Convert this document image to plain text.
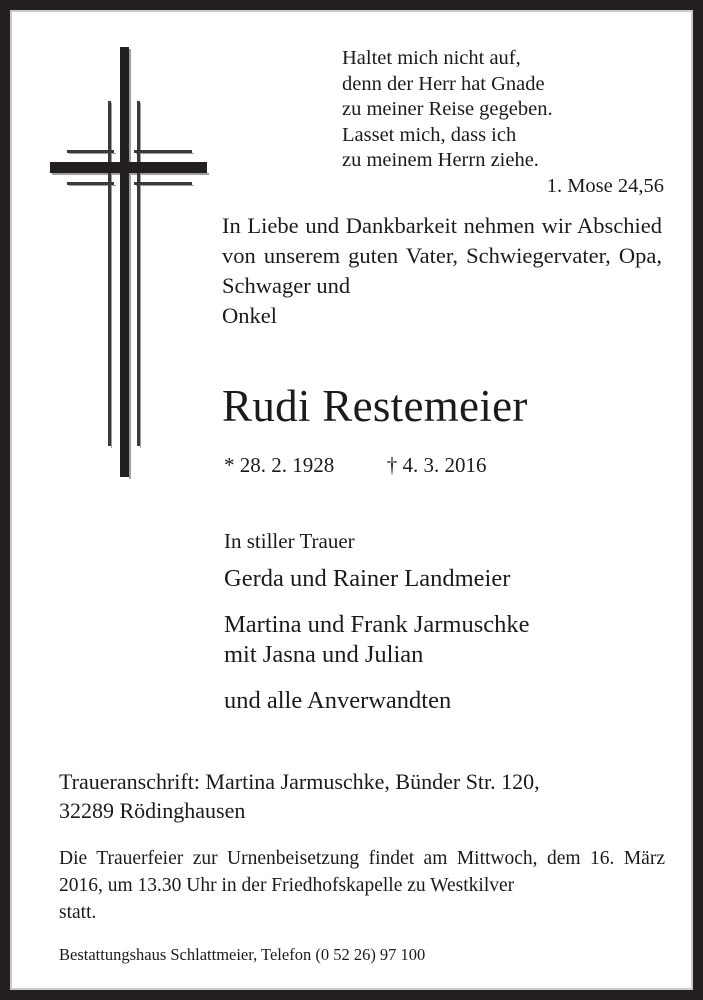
Haltet mich nicht auf,
denn der Herr hat Gnade
zu meiner Reise gegeben.
Lasset mich, dass ich
zu meinem Herrn ziehe.
1. Mose 24,56
In Liebe und Dankbarkeit nehmen wir Abschied von unserem guten Vater, Schwiegervater, Opa, Schwager und
Onkel
Rudi Restemeier
* 28. 2. 1928	† 4. 3. 2016
In stiller Trauer
Gerda und Rainer Landmeier
Martina und Frank Jarmuschke
mit Jasna und Julian
und alle Anverwandten
Traueranschrift: Martina Jarmuschke, Bünder Str. 120,
32289 Rödinghausen
Die Trauerfeier zur Urnenbeisetzung findet am Mittwoch, dem 16. März 2016, um 13.30 Uhr in der Friedhofskapelle zu Westkilver
statt.
Bestattungshaus Schlattmeier, Telefon (0 52 26) 97 100
